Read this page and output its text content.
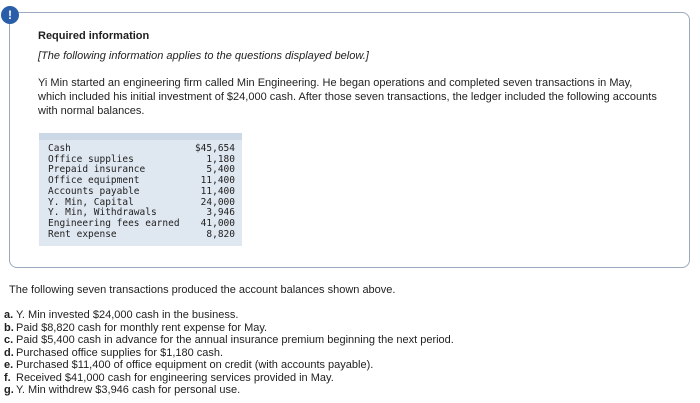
!

Required information

[The following information applies to the questions displayed below.]

Yi Min started an engineering firm called Min Engineering. He began operations and completed seven transactions in May, which included his initial investment of $24,000 cash. After those seven transactions, the ledger included the following accounts with normal balances.

Cash	$45,654
Office supplies	1,180
Prepaid insurance	5,400
Office equipment	11,400
Accounts payable	11,400
Y. Min, Capital	24,000
Y. Min, Withdrawals	3,946
Engineering fees earned 41,000
Rent expense	8,820

The following seven transactions produced the account balances shown above.

a. Y. Min invested $24,000 cash in the business.
b. Paid $8,820 cash for monthly rent expense for May.
c. Paid $5,400 cash in advance for the annual insurance premium beginning the next period.
d. Purchased office supplies for $1,180 cash.
e. Purchased $11,400 of office equipment on credit (with accounts payable).
f. Received $41,000 cash for engineering services provided in May.
g. Y. Min withdrew $3,946 cash for personal use.
